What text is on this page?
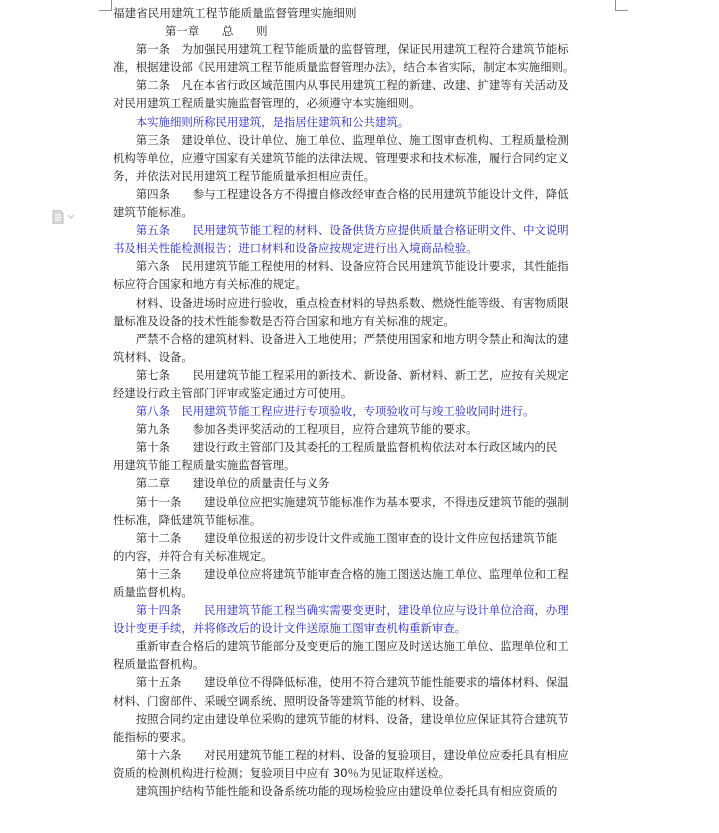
福建省民用建筑工程节能质量监督管理实施细则
第一章　　总　　则
　　第一条　为加强民用建筑工程节能质量的监督管理，保证民用建筑工程符合建筑节能标
准，根据建设部《民用建筑工程节能质量监督管理办法》，结合本省实际，制定本实施细则。
　　第二条　凡在本省行政区域范围内从事民用建筑工程的新建、改建、扩建等有关活动及
对民用建筑工程质量实施监督管理的，必须遵守本实施细则。
　　本实施细则所称民用建筑，是指居住建筑和公共建筑。
　　第三条　建设单位、设计单位、施工单位、监理单位、施工图审查机构、工程质量检测
机构等单位，应遵守国家有关建筑节能的法律法规、管理要求和技术标准，履行合同约定义
务，并依法对民用建筑工程节能质量承担相应责任。
　　第四条　　参与工程建设各方不得擅自修改经审查合格的民用建筑节能设计文件，降低
建筑节能标准。
　　第五条　　民用建筑节能工程的材料、设备供货方应提供质量合格证明文件、中文说明
书及相关性能检测报告；进口材料和设备应按规定进行出入境商品检验。
　　第六条　民用建筑节能工程使用的材料、设备应符合民用建筑节能设计要求，其性能指
标应符合国家和地方有关标准的规定。
　　材料、设备进场时应进行验收，重点检查材料的导热系数、燃烧性能等级、有害物质限
量标准及设备的技术性能参数是否符合国家和地方有关标准的规定。
　　严禁不合格的建筑材料、设备进入工地使用；严禁使用国家和地方明令禁止和淘汰的建
筑材料、设备。
　　第七条　　民用建筑节能工程采用的新技术、新设备、新材料、新工艺，应按有关规定
经建设行政主管部门评审或鉴定通过方可使用。
　　第八条　民用建筑节能工程应进行专项验收，专项验收可与竣工验收同时进行。
　　第九条　　参加各类评奖活动的工程项目，应符合建筑节能的要求。
　　第十条　　建设行政主管部门及其委托的工程质量监督机构依法对本行政区域内的民
用建筑节能工程质量实施监督管理。
　　第二章　　建设单位的质量责任与义务
　　第十一条　　建设单位应把实施建筑节能标准作为基本要求，不得违反建筑节能的强制
性标准，降低建筑节能标准。
　　第十二条　　建设单位报送的初步设计文件或施工图审查的设计文件应包括建筑节能
的内容，并符合有关标准规定。
　　第十三条　　建设单位应将建筑节能审查合格的施工图送达施工单位、监理单位和工程
质量监督机构。
　　第十四条　　民用建筑节能工程当确实需要变更时，建设单位应与设计单位洽商，办理
设计变更手续，并将修改后的设计文件送原施工图审查机构重新审查。
　　重新审查合格后的建筑节能部分及变更后的施工图应及时送达施工单位、监理单位和工
程质量监督机构。
　　第十五条　　建设单位不得降低标准，使用不符合建筑节能性能要求的墙体材料、保温
材料、门窗部件、采暖空调系统、照明设备等建筑节能的材料、设备。
　　按照合同约定由建设单位采购的建筑节能的材料、设备，建设单位应保证其符合建筑节
能指标的要求。
　　第十六条　　对民用建筑节能工程的材料、设备的复验项目，建设单位应委托具有相应
资质的检测机构进行检测；复验项目中应有 30％为见证取样送检。
　　建筑围护结构节能性能和设备系统功能的现场检验应由建设单位委托具有相应资质的
